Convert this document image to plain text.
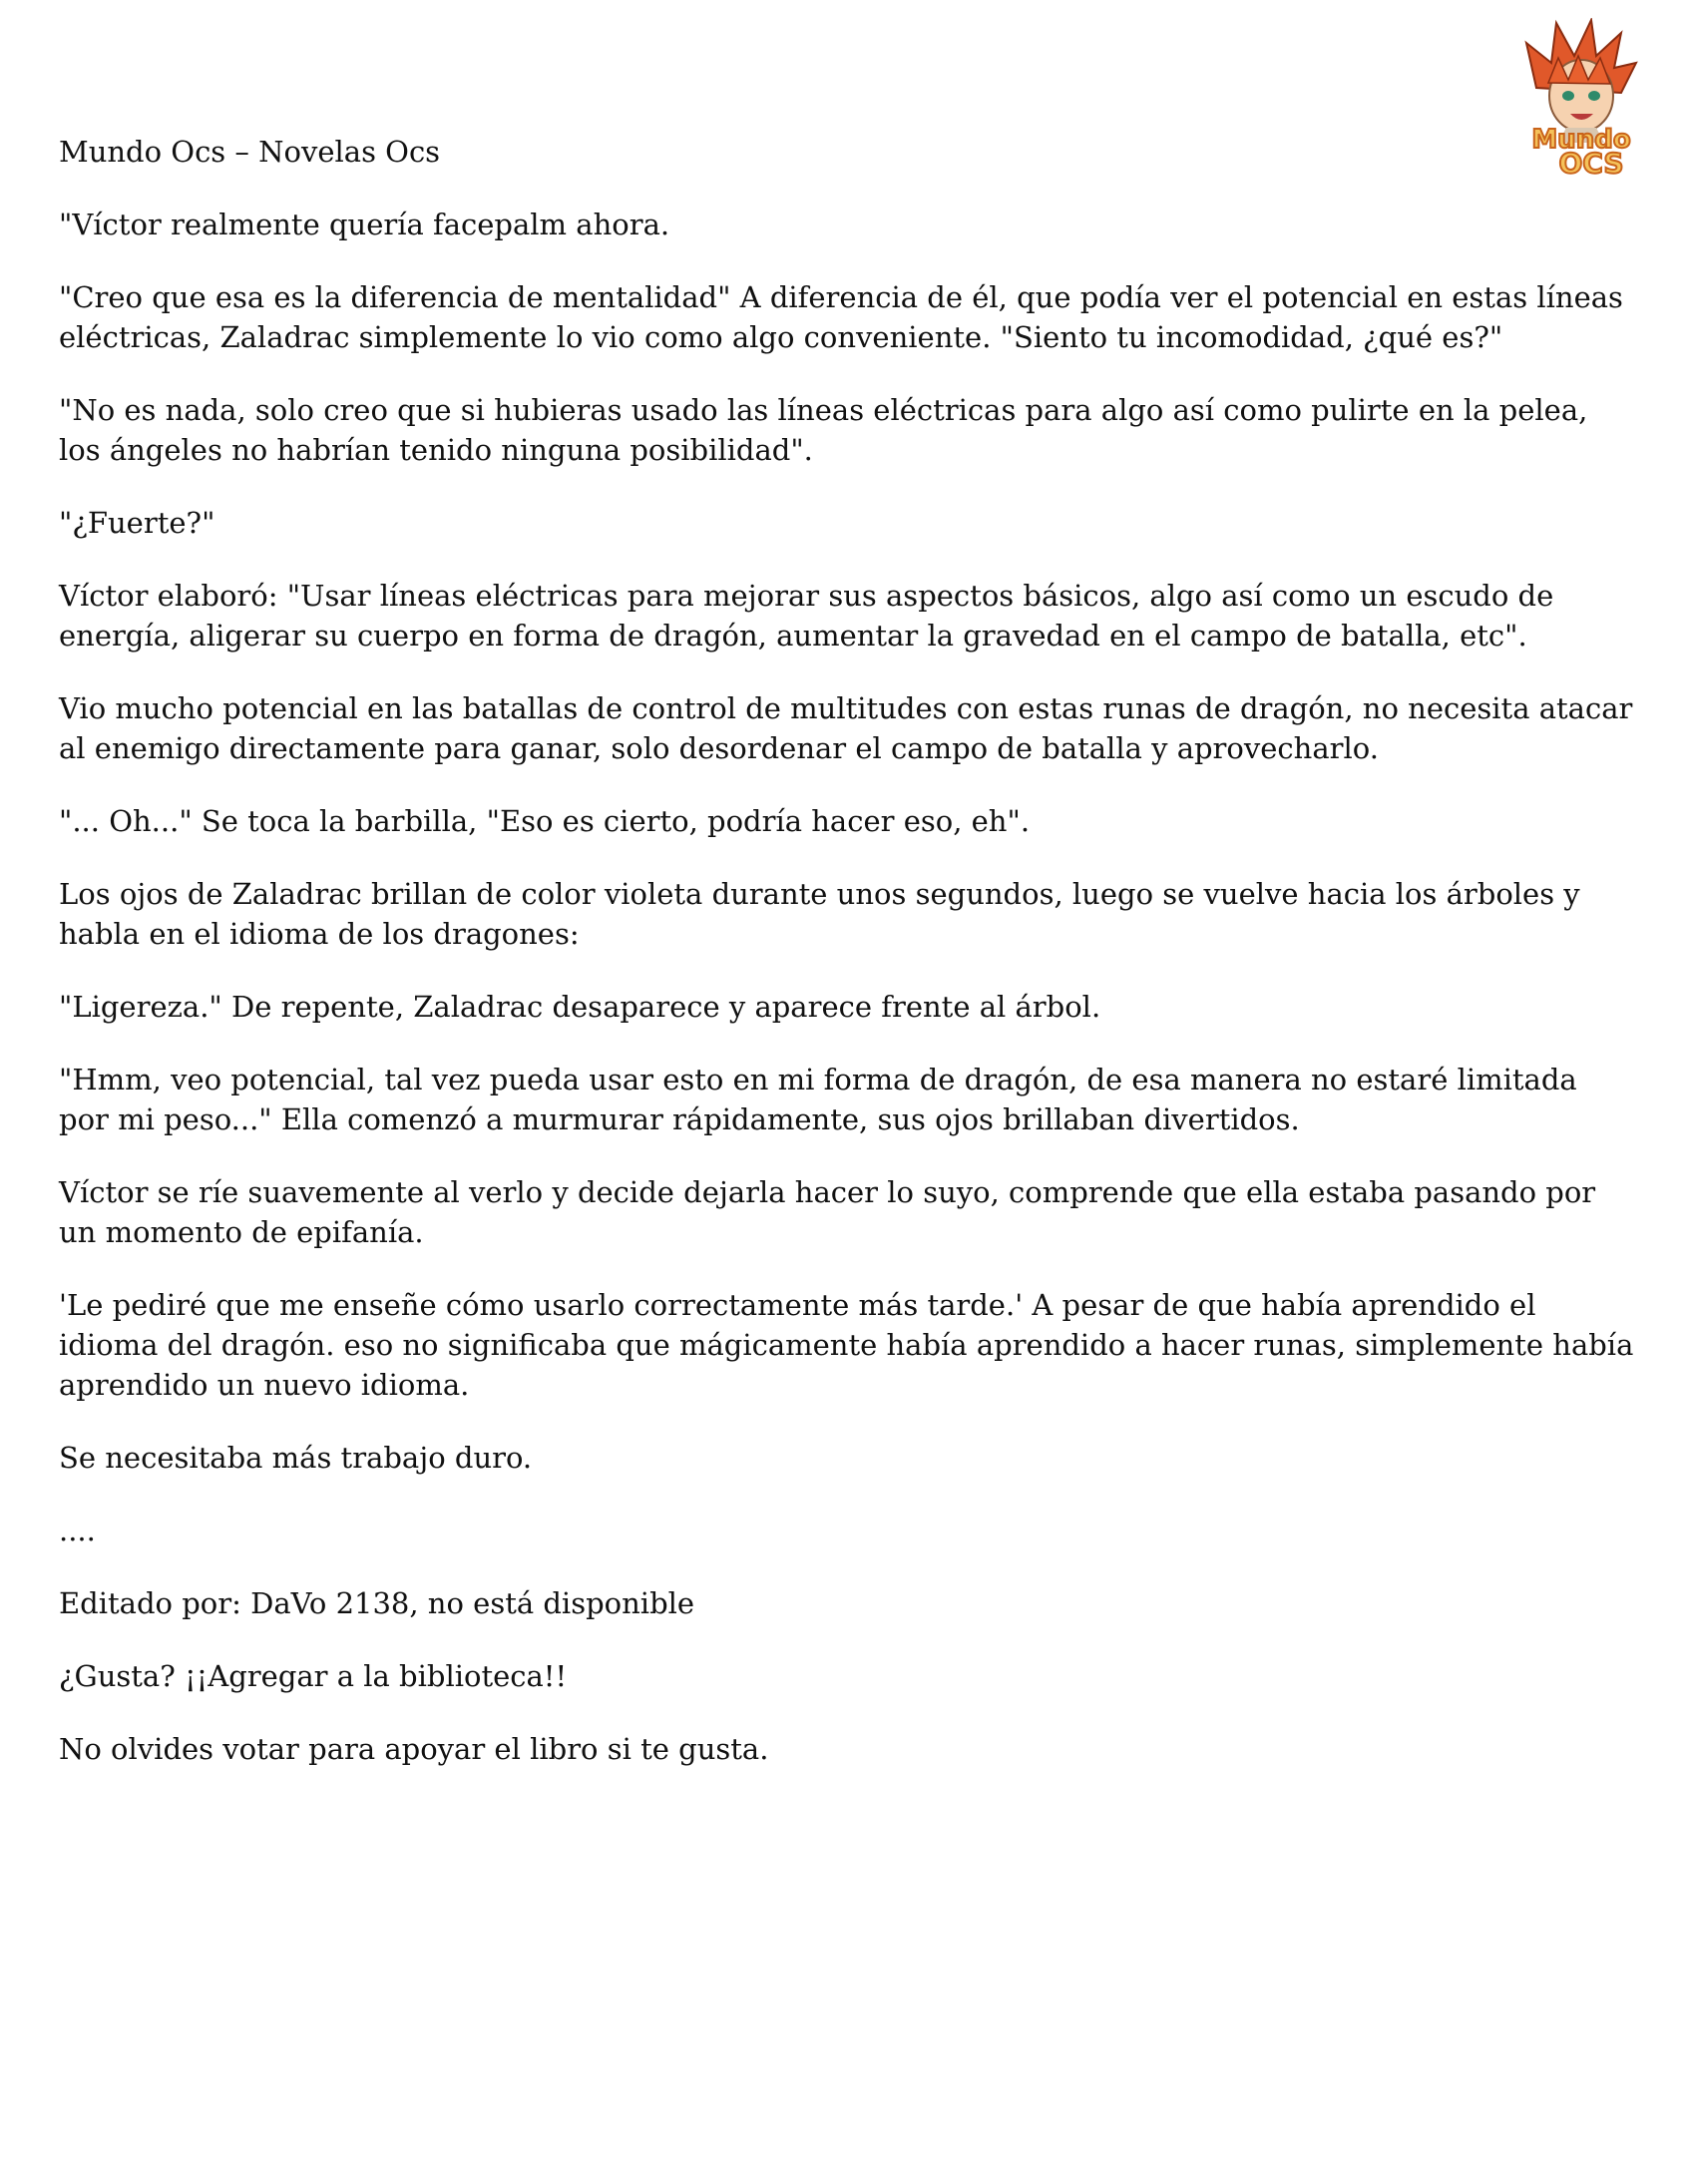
Mundo
OCS
Mundo Ocs – Novelas Ocs

"Víctor realmente quería facepalm ahora.

"Creo que esa es la diferencia de mentalidad" A diferencia de él, que podía ver el potencial en estas líneas eléctricas, Zaladrac simplemente lo vio como algo conveniente. "Siento tu incomodidad, ¿qué es?"

"No es nada, solo creo que si hubieras usado las líneas eléctricas para algo así como pulirte en la pelea, los ángeles no habrían tenido ninguna posibilidad".

"¿Fuerte?"

Víctor elaboró: "Usar líneas eléctricas para mejorar sus aspectos básicos, algo así como un escudo de energía, aligerar su cuerpo en forma de dragón, aumentar la gravedad en el campo de batalla, etc".

Vio mucho potencial en las batallas de control de multitudes con estas runas de dragón, no necesita atacar al enemigo directamente para ganar, solo desordenar el campo de batalla y aprovecharlo.

"... Oh..." Se toca la barbilla, "Eso es cierto, podría hacer eso, eh".

Los ojos de Zaladrac brillan de color violeta durante unos segundos, luego se vuelve hacia los árboles y habla en el idioma de los dragones:

"Ligereza." De repente, Zaladrac desaparece y aparece frente al árbol.

"Hmm, veo potencial, tal vez pueda usar esto en mi forma de dragón, de esa manera no estaré limitada por mi peso..." Ella comenzó a murmurar rápidamente, sus ojos brillaban divertidos.

Víctor se ríe suavemente al verlo y decide dejarla hacer lo suyo, comprende que ella estaba pasando por un momento de epifanía.

'Le pediré que me enseñe cómo usarlo correctamente más tarde.' A pesar de que había aprendido el idioma del dragón. eso no significaba que mágicamente había aprendido a hacer runas, simplemente había aprendido un nuevo idioma.

Se necesitaba más trabajo duro.

....

Editado por: DaVo 2138, no está disponible

¿Gusta? ¡¡Agregar a la biblioteca!!

No olvides votar para apoyar el libro si te gusta.
